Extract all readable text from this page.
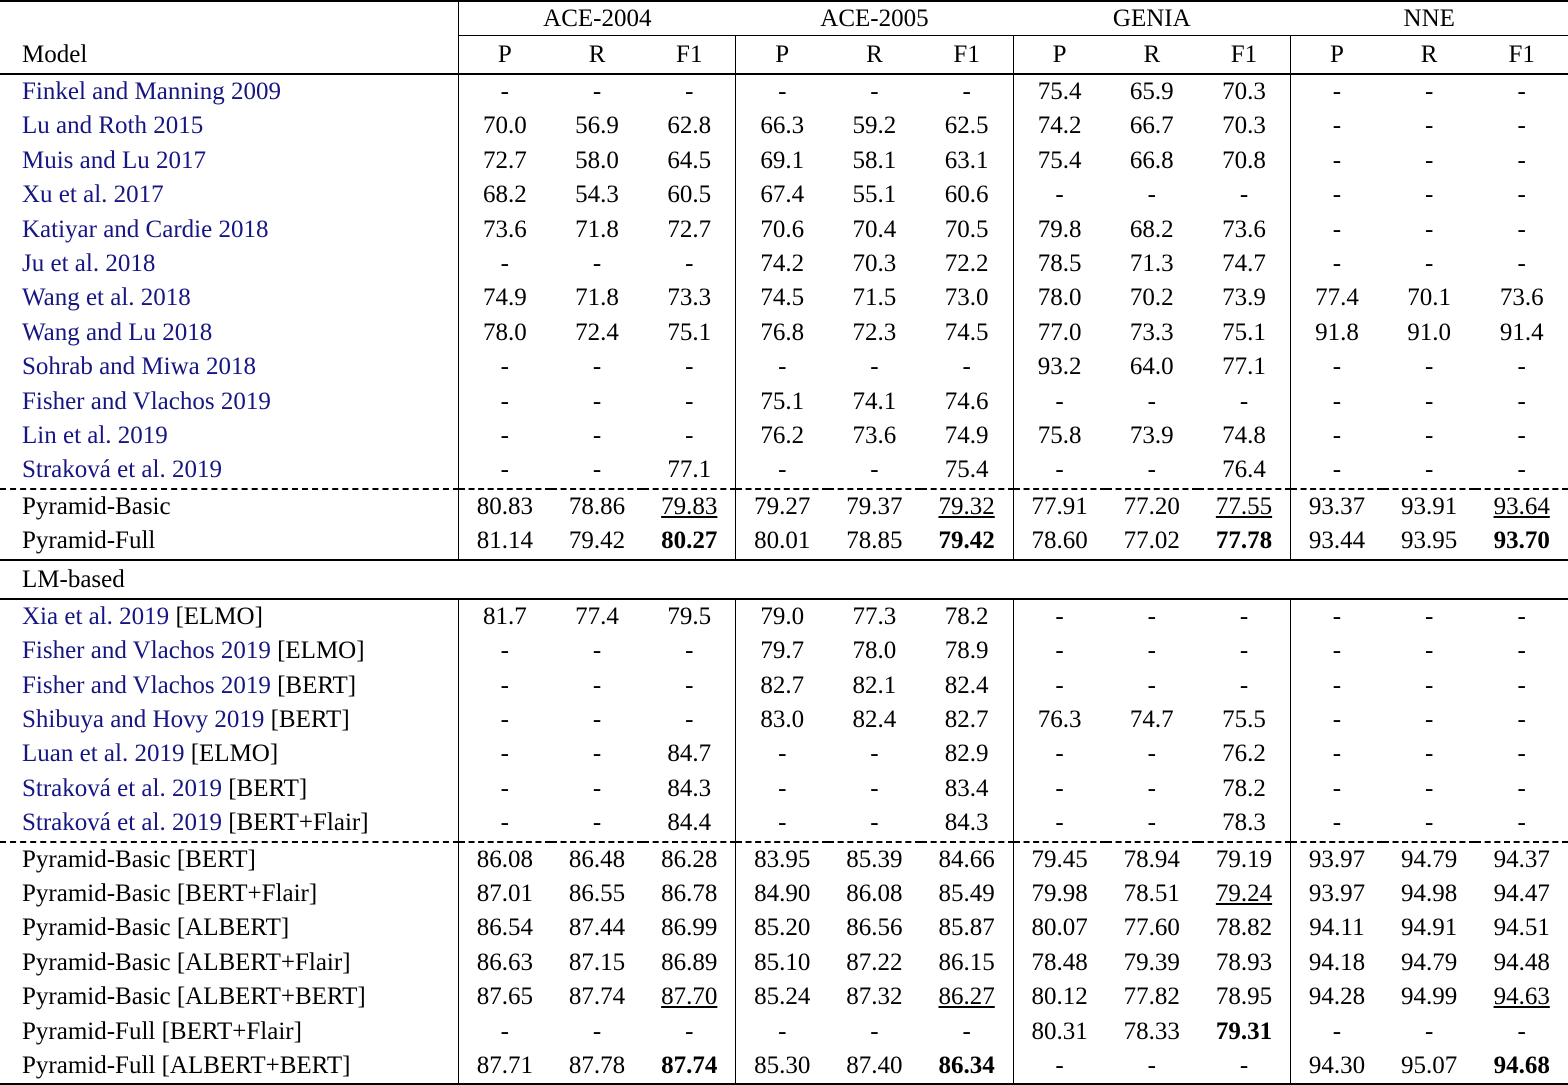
	ACE-2004			ACE-2005			GENIA			NNE		
Model	P	R	F1	P	R	F1	P	R	F1	P	R	F1
Finkel and Manning 2009	-	-	-	-	-	-	75.4	65.9	70.3	-	-	-
Lu and Roth 2015	70.0	56.9	62.8	66.3	59.2	62.5	74.2	66.7	70.3	-	-	-
Muis and Lu 2017	72.7	58.0	64.5	69.1	58.1	63.1	75.4	66.8	70.8	-	-	-
Xu et al. 2017	68.2	54.3	60.5	67.4	55.1	60.6	-	-	-	-	-	-
Katiyar and Cardie 2018	73.6	71.8	72.7	70.6	70.4	70.5	79.8	68.2	73.6	-	-	-
Ju et al. 2018	-	-	-	74.2	70.3	72.2	78.5	71.3	74.7	-	-	-
Wang et al. 2018	74.9	71.8	73.3	74.5	71.5	73.0	78.0	70.2	73.9	77.4	70.1	73.6
Wang and Lu 2018	78.0	72.4	75.1	76.8	72.3	74.5	77.0	73.3	75.1	91.8	91.0	91.4
Sohrab and Miwa 2018	-	-	-	-	-	-	93.2	64.0	77.1	-	-	-
Fisher and Vlachos 2019	-	-	-	75.1	74.1	74.6	-	-	-	-	-	-
Lin et al. 2019	-	-	-	76.2	73.6	74.9	75.8	73.9	74.8	-	-	-
Straková et al. 2019	-	-	77.1	-	-	75.4	-	-	76.4	-	-	-
Pyramid-Basic	80.83	78.86	79.83	79.27	79.37	79.32	77.91	77.20	77.55	93.37	93.91	93.64
Pyramid-Full	81.14	79.42	80.27	80.01	78.85	79.42	78.60	77.02	77.78	93.44	93.95	93.70
LM-based												
Xia et al. 2019 [ELMO]	81.7	77.4	79.5	79.0	77.3	78.2	-	-	-	-	-	-
Fisher and Vlachos 2019 [ELMO]	-	-	-	79.7	78.0	78.9	-	-	-	-	-	-
Fisher and Vlachos 2019 [BERT]	-	-	-	82.7	82.1	82.4	-	-	-	-	-	-
Shibuya and Hovy 2019 [BERT]	-	-	-	83.0	82.4	82.7	76.3	74.7	75.5	-	-	-
Luan et al. 2019 [ELMO]	-	-	84.7	-	-	82.9	-	-	76.2	-	-	-
Straková et al. 2019 [BERT]	-	-	84.3	-	-	83.4	-	-	78.2	-	-	-
Straková et al. 2019 [BERT+Flair]	-	-	84.4	-	-	84.3	-	-	78.3	-	-	-
Pyramid-Basic [BERT]	86.08	86.48	86.28	83.95	85.39	84.66	79.45	78.94	79.19	93.97	94.79	94.37
Pyramid-Basic [BERT+Flair]	87.01	86.55	86.78	84.90	86.08	85.49	79.98	78.51	79.24	93.97	94.98	94.47
Pyramid-Basic [ALBERT]	86.54	87.44	86.99	85.20	86.56	85.87	80.07	77.60	78.82	94.11	94.91	94.51
Pyramid-Basic [ALBERT+Flair]	86.63	87.15	86.89	85.10	87.22	86.15	78.48	79.39	78.93	94.18	94.79	94.48
Pyramid-Basic [ALBERT+BERT]	87.65	87.74	87.70	85.24	87.32	86.27	80.12	77.82	78.95	94.28	94.99	94.63
Pyramid-Full [BERT+Flair]	-	-	-	-	-	-	80.31	78.33	79.31	-	-	-
Pyramid-Full [ALBERT+BERT]	87.71	87.78	87.74	85.30	87.40	86.34	-	-	-	94.30	95.07	94.68
